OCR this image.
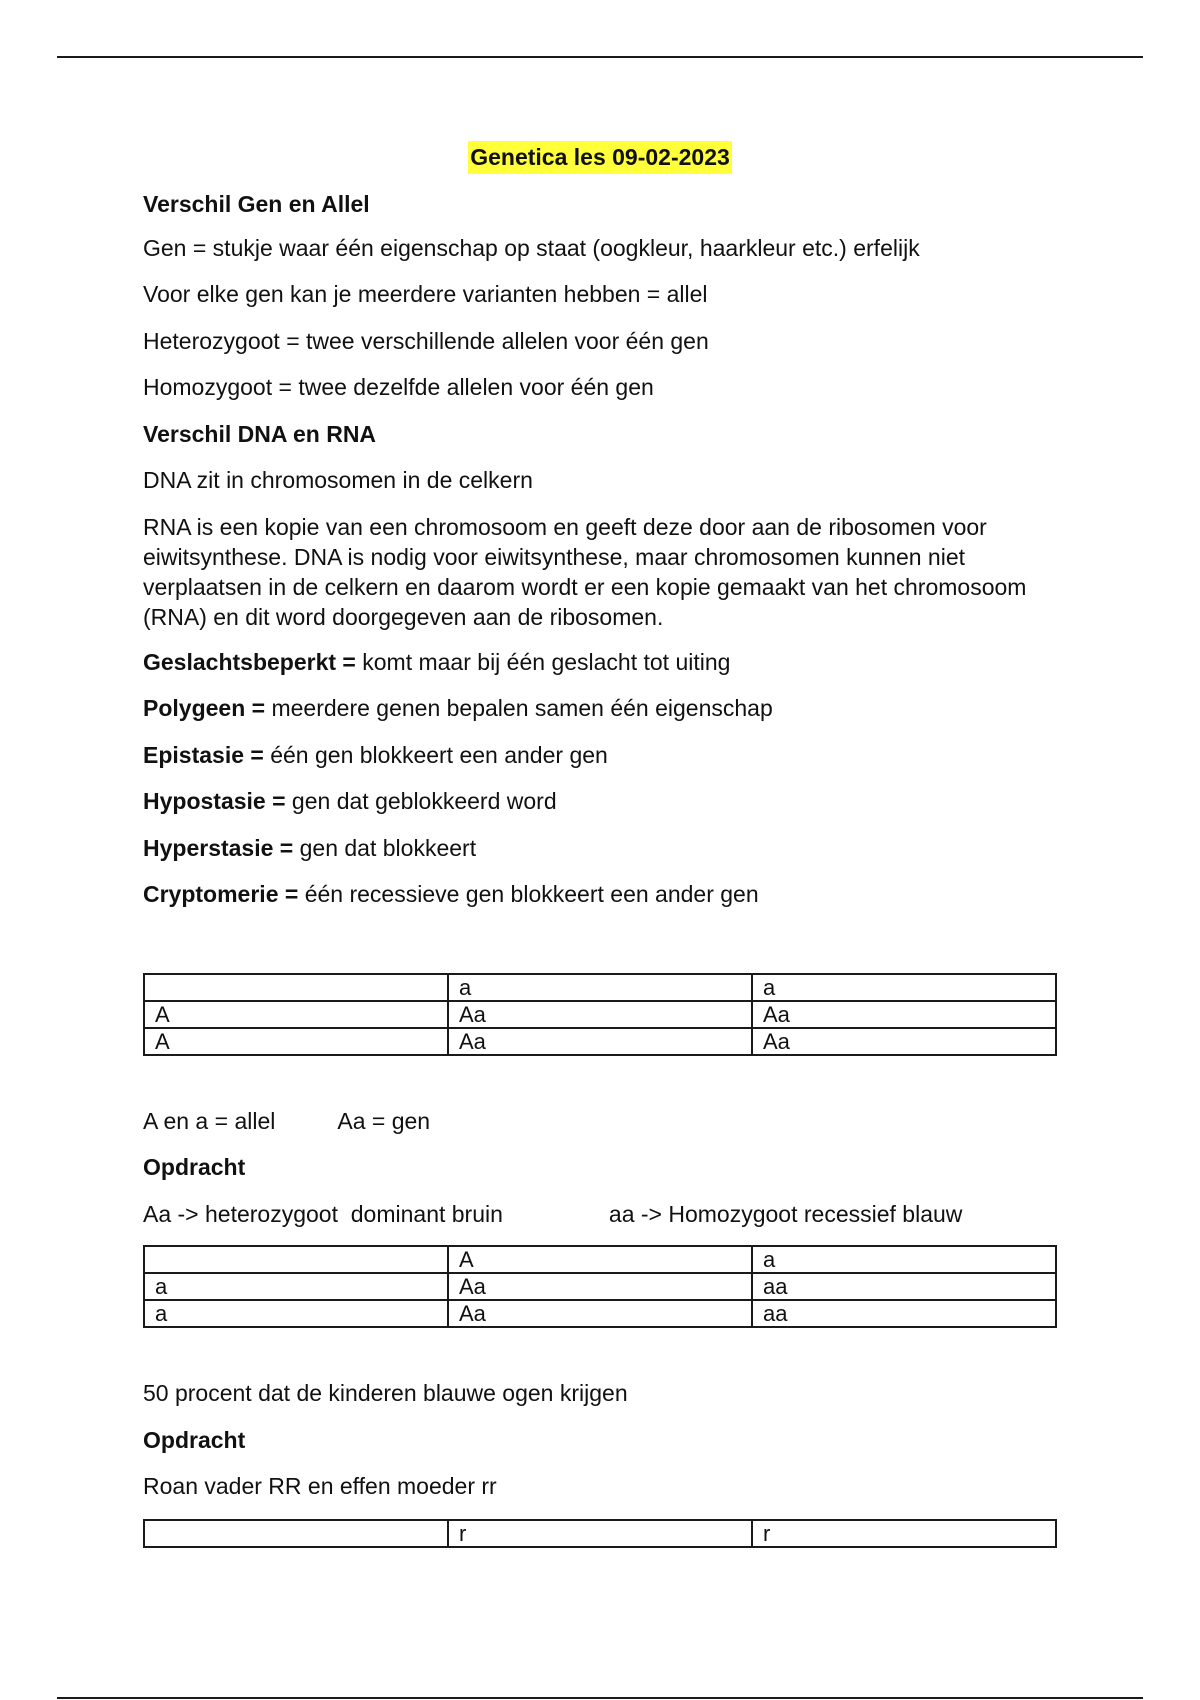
Genetica les 09-02-2023
Verschil Gen en Allel
Gen = stukje waar één eigenschap op staat (oogkleur, haarkleur etc.) erfelijk
Voor elke gen kan je meerdere varianten hebben = allel
Heterozygoot = twee verschillende allelen voor één gen
Homozygoot = twee dezelfde allelen voor één gen
Verschil DNA en RNA
DNA zit in chromosomen in de celkern
RNA is een kopie van een chromosoom en geeft deze door aan de ribosomen voor eiwitsynthese. DNA is nodig voor eiwitsynthese, maar chromosomen kunnen niet verplaatsen in de celkern en daarom wordt er een kopie gemaakt van het chromosoom (RNA) en dit word doorgegeven aan de ribosomen.
Geslachtsbeperkt = komt maar bij één geslacht tot uiting
Polygeen = meerdere genen bepalen samen één eigenschap
Epistasie = één gen blokkeert een ander gen
Hypostasie = gen dat geblokkeerd word
Hyperstasie = gen dat blokkeert
Cryptomerie = één recessieve gen blokkeert een ander gen
	a	a
A	Aa	Aa
A	Aa	Aa
A en a = allel	Aa = gen
Opdracht
Aa -> heterozygoot  dominant bruin	aa -> Homozygoot recessief blauw
	A	a
a	Aa	aa
a	Aa	aa
50 procent dat de kinderen blauwe ogen krijgen
Opdracht
Roan vader RR en effen moeder rr
	r	r
